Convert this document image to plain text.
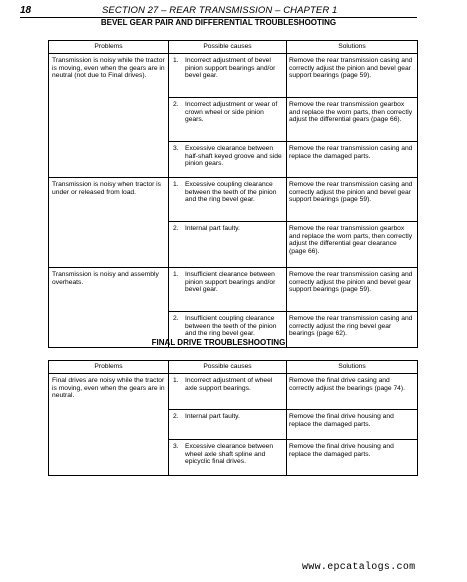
18	SECTION 27 – REAR TRANSMISSION – CHAPTER 1
BEVEL GEAR PAIR AND DIFFERENTIAL TROUBLESHOOTING
Problems	Possible causes	Solutions
Transmission is noisy while the tractor is moving, even when the gears are in neutral (not due to Final drives).	1. Incorrect adjustment of bevel pinion support bearings and/or bevel gear.	Remove the rear transmission casing and correctly adjust the pinion and bevel gear support bearings (page 59).

	2. Incorrect adjustment or wear of crown wheel or side pinion gears.	Remove the rear transmission gearbox and replace the worn parts, then correctly adjust the differential gears (page 66).

	3. Excessive clearance between half-shaft keyed groove and side pinion gears.	Remove the rear transmission casing and replace the damaged parts.
Transmission is noisy when tractor is under or released from load.	1. Excessive coupling clearance between the teeth of the pinion and the ring bevel gear.	Remove the rear transmission casing and correctly adjust the pinion and bevel gear support bearings (page 59).

	2. Internal part faulty.	Remove the rear transmission gearbox and replace the worn parts, then correctly adjust the differential gear clearance (page 66).
Transmission is noisy and assembly overheats.	1. Insufficient clearance between pinion support bearings and/or bevel gear.	Remove the rear transmission casing and correctly adjust the pinion and bevel gear support bearings (page 59).

	2. Insufficient coupling clearance between the teeth of the pinion and the ring bevel gear.	Remove the rear transmission casing and correctly adjust the ring bevel gear bearings (page 62).
FINAL DRIVE TROUBLESHOOTING
Problems	Possible causes	Solutions
Final drives are noisy while the tractor is moving, even when the gears are in neutral.	1. Incorrect adjustment of wheel axle support bearings.	Remove the final drive casing and correctly adjust the bearings (page 74).

	2. Internal part faulty.	Remove the final drive housing and replace the damaged parts.

	3. Excessive clearance between wheel axle shaft spline and epicyclic final drives.	Remove the final drive housing and replace the damaged parts.
www.epcatalogs.com
